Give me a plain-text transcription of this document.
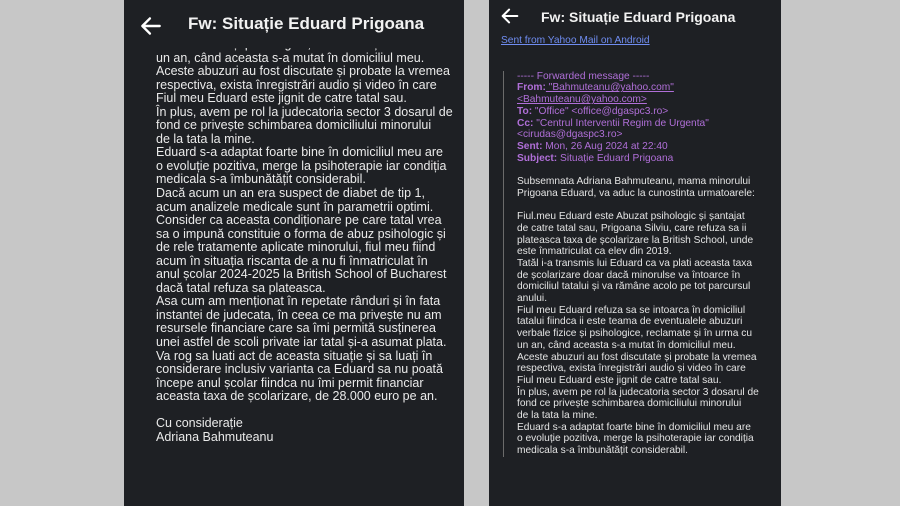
un an, când aceasta s-a mutat în domiciliul meu.

Aceste abuzuri au fost discutate și probate la vremea

respectiva, exista înregistrări audio și video în care

Fiul meu Eduard este jignit de catre tatal sau.

În plus, avem pe rol la judecatoria sector 3 dosarul de

fond ce privește schimbarea domiciliului minorului

de la tata la mine.

Eduard s-a adaptat foarte bine în domiciliul meu are

o evoluție pozitiva, merge la psihoterapie iar condiția

medicala s-a îmbunătățit considerabil.

Dacă acum un an era suspect de diabet de tip 1,

acum analizele medicale sunt în parametrii optimi.

Consider ca aceasta condiționare pe care tatal vrea

sa o impună constituie o forma de abuz psihologic și

de rele tratamente aplicate minorului, fiul meu fiind

acum în situația riscanta de a nu fi înmatriculat în

anul școlar 2024-2025 la British School of Bucharest

dacă tatal refuza sa plateasca.

Asa cum am menționat în repetate rânduri și în fata

instantei de judecata, în ceea ce ma privește nu am

resursele financiare care sa îmi permită susținerea

unei astfel de scoli private iar tatal și-a asumat plata.

Va rog sa luati act de aceasta situație și sa luați în

considerare inclusiv varianta ca Eduard sa nu poată

începe anul școlar fiindca nu îmi permit financiar

aceasta taxa de școlarizare, de 28.000 euro pe an.

Cu considerație

Adriana Bahmuteanu

Fw: Situație Eduard Prigoana

Sent from Yahoo Mail on Android

----- Forwarded message -----

From: "Bahmuteanu@yahoo.com"

<Bahmuteanu@yahoo.com>

To: "Office" <office@dgaspc3.ro>

Cc: "Centrul Interventii Regim de Urgenta"

<cirudas@dgaspc3.ro>

Sent: Mon, 26 Aug 2024 at 22:40

Subject: Situație Eduard Prigoana

Subsemnata Adriana Bahmuteanu, mama minorului

Prigoana Eduard, va aduc la cunostinta urmatoarele:

Fiul.meu Eduard este Abuzat psihologic și șantajat

de catre tatal sau, Prigoana Silviu, care refuza sa ii

plateasca taxa de școlarizare la British School, unde

este înmatriculat ca elev din 2019.

Tatăl i-a transmis lui Eduard ca va plati aceasta taxa

de școlarizare doar dacă minorulse va întoarce în

domiciliul tatalui și va rămâne acolo pe tot parcursul

anului.

Fiul meu Eduard refuza sa se intoarca în domiciliul

tatalui fiindca ii este teama de eventualele abuzuri

verbale fizice și psihologice, reclamate și în urma cu

un an, când aceasta s-a mutat în domiciliul meu.

Aceste abuzuri au fost discutate și probate la vremea

respectiva, exista înregistrări audio și video în care

Fiul meu Eduard este jignit de catre tatal sau.

În plus, avem pe rol la judecatoria sector 3 dosarul de

fond ce privește schimbarea domiciliului minorului

de la tata la mine.

Eduard s-a adaptat foarte bine în domiciliul meu are

o evoluție pozitiva, merge la psihoterapie iar condiția

medicala s-a îmbunătățit considerabil.

Fw: Situație Eduard Prigoana
